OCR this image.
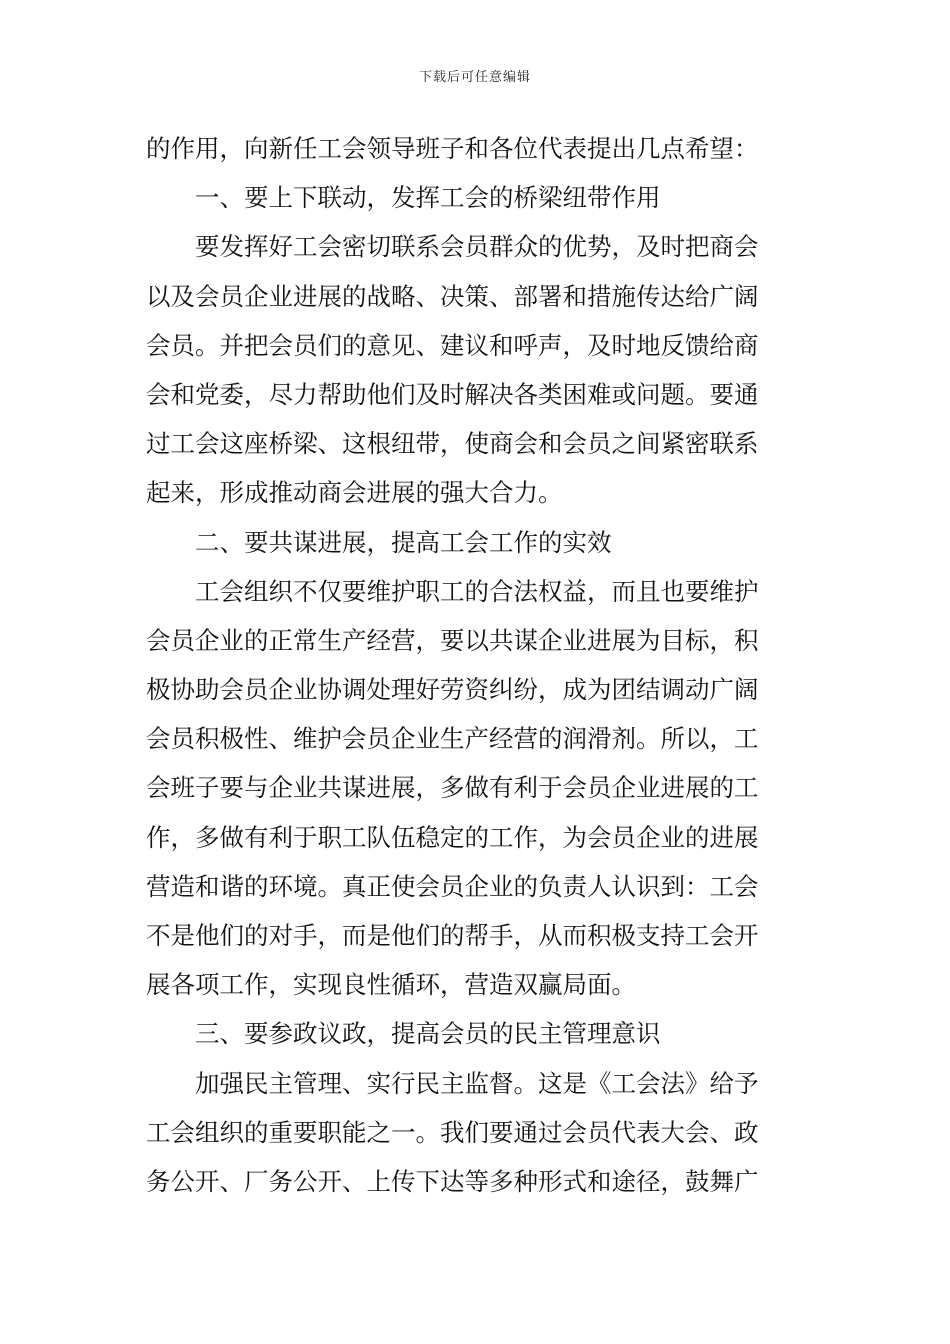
下载后可任意编辑
的作用，向新任工会领导班子和各位代表提出几点希望：
一、要上下联动，发挥工会的桥梁纽带作用
要发挥好工会密切联系会员群众的优势，及时把商会
以及会员企业进展的战略、决策、部署和措施传达给广阔
会员。并把会员们的意见、建议和呼声，及时地反馈给商
会和党委，尽力帮助他们及时解决各类困难或问题。要通
过工会这座桥梁、这根纽带，使商会和会员之间紧密联系
起来，形成推动商会进展的强大合力。
二、要共谋进展，提高工会工作的实效
工会组织不仅要维护职工的合法权益，而且也要维护
会员企业的正常生产经营，要以共谋企业进展为目标，积
极协助会员企业协调处理好劳资纠纷，成为团结调动广阔
会员积极性、维护会员企业生产经营的润滑剂。所以，工
会班子要与企业共谋进展，多做有利于会员企业进展的工
作，多做有利于职工队伍稳定的工作，为会员企业的进展
营造和谐的环境。真正使会员企业的负责人认识到：工会
不是他们的对手，而是他们的帮手，从而积极支持工会开
展各项工作，实现良性循环，营造双赢局面。
三、要参政议政，提高会员的民主管理意识
加强民主管理、实行民主监督。这是《工会法》给予
工会组织的重要职能之一。我们要通过会员代表大会、政
务公开、厂务公开、上传下达等多种形式和途径，鼓舞广
